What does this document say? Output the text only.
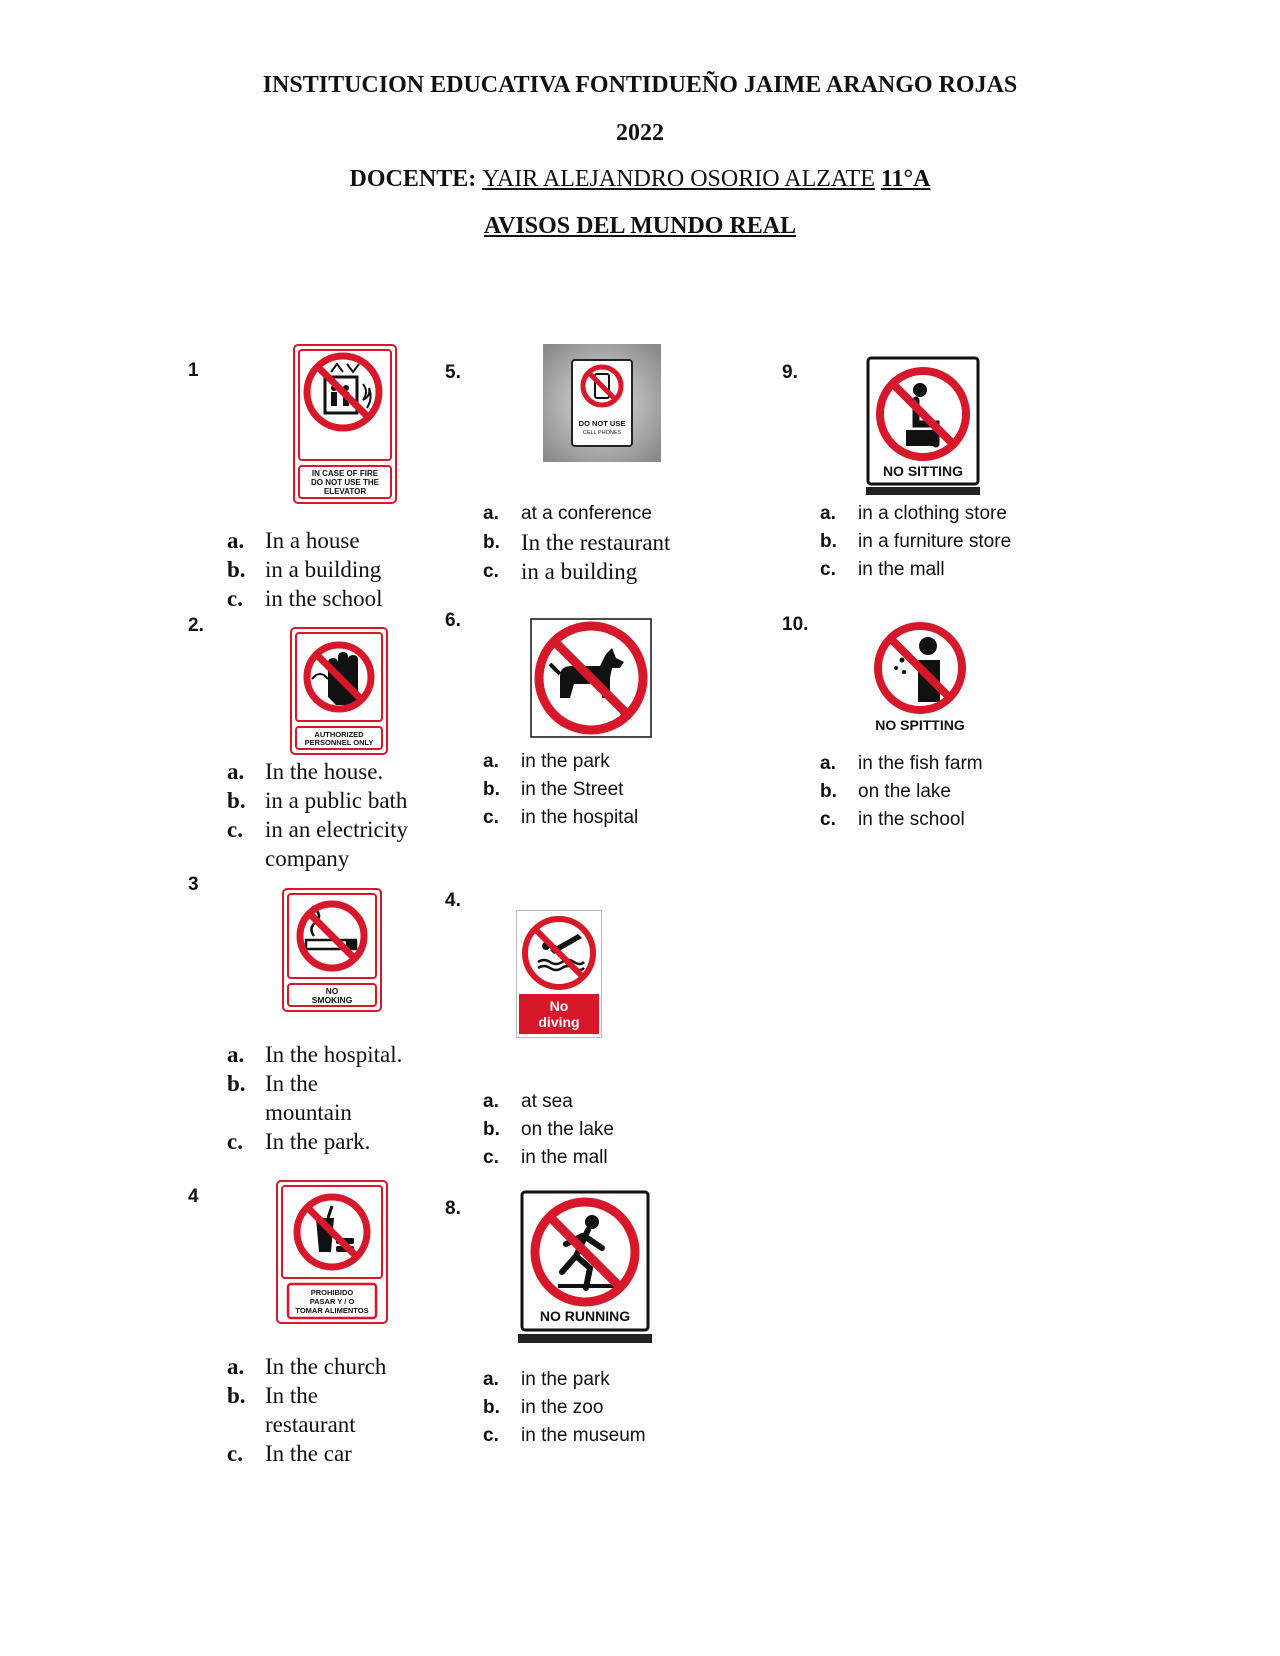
INSTITUCION EDUCATIVA FONTIDUEÑO JAIME ARANGO ROJAS
2022
DOCENTE: YAIR ALEJANDRO OSORIO ALZATE 11°A
AVISOS DEL MUNDO REAL
1
IN CASE OF FIRE
DO NOT USE THE
ELEVATOR
a. In a house
b. in a building
c. in the school
2.
AUTHORIZED
PERSONNEL ONLY
a. In the house.
b. in a public bath
c. in an electricity company
3
NO
SMOKING
a. In the hospital.
b. In the mountain
c. In the park.
4
PROHIBIDO
PASAR Y / O
TOMAR ALIMENTOS
a. In the church
b. In the restaurant
c. In the car
5.
DO NOT USE
CELL PHONES
a.	at a conference
b. In the restaurant
c. in a building
6.
a.	in the park
b.	in the Street
c.	in the hospital
4.
No
diving
a.	at sea
b.	on the lake
c.	in the mall
8.
NO RUNNING
a.	in the park
b.	in the zoo
c.	in the museum
9.
NO SITTING
a.	in a clothing store
b.	in a furniture store
c.	in the mall
10.
NO SPITTING
a.	in the fish farm
b.	on the lake
c.	in the school
